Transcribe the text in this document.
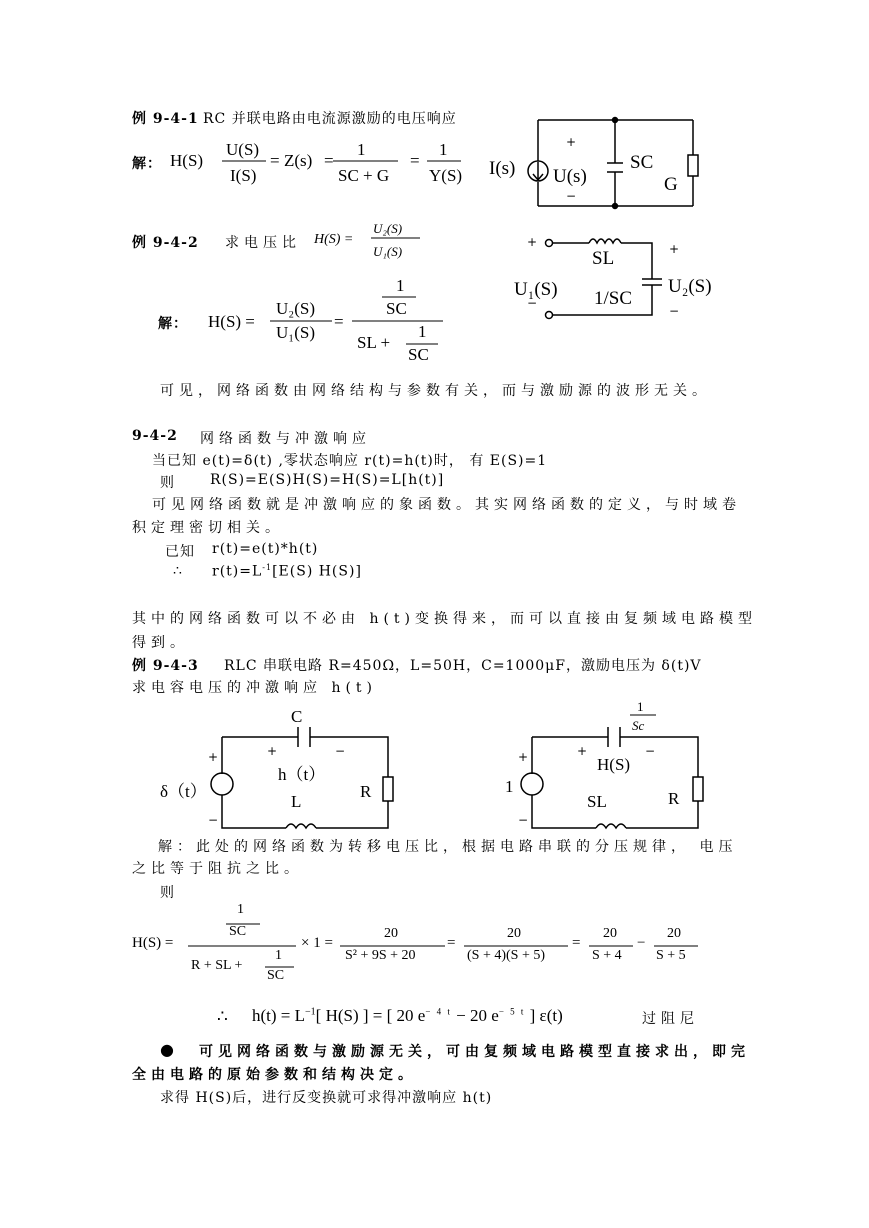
例 9-4-1 RC 并联电路由电流源激励的电压响应
解： H(S)
U(S)
I(S)
= Z(s) =
1
SC + G
=
1
Y(S) I(s) U(s)
SC
G
+
−
例 9-4-2 求电压比 H(S) =
U₂(S)
U₁(S)
解： H(S) =
U₂(S)
U₁(S)
=
1
SC
SL +
1
SC
SL
U₁(S)	U₂(S)
1/SC
+
−
+
−
可见，网络函数由网络结构与参数有关，而与激励源的波形无关。
9-4-2 网络函数与冲激响应
当已知 e(t)=δ(t) ,零状态响应 r(t)=h(t)时， 有 E(S)=1
则	R(S)=E(S)H(S)=H(S)=L[h(t)]
可见网络函数就是冲激响应的象函数。其实网络函数的定义，与时域卷
积定理密切相关。
已知 r(t)=e(t)*h(t)
∴ $r(t)=L^{-1}[E(S)$ H(S)]
其中的网络函数可以不必由 h(t)变换得来，而可以直接由复频域电路模型
得到。
例 9-4-3 RLC 串联电路 R=450Ω，L=50H，C=1000μF，激励电压为 δ(t)V
求电容电压的冲激响应 h(t)
C
h（t）
δ（t）
L
R
+
−
+	−
1
Sc
H(S)
1
SL	R
+
−
+	−
解：此处的网络函数为转移电压比，根据电路串联的分压规律， 电压
之比等于阻抗之比。
则
H(S) =
1
SC
R + SL +
1
SC
× 1 =
20
S² + 9S + 20
=
20
(S + 4)(S + 5)
=
20
S + 4
−
20
S + 5
∴ $h(t) = L^{-1}$[ H(S) ] = [ 20 $e^{- 4 t} - 20$ $e^{- 5 t}$ ] ε(t)	过阻尼
● 可见网络函数与激励源无关，可由复频域电路模型直接求出，即完
全由电路的原始参数和结构决定。
求得 H(S)后，进行反变换就可求得冲激响应 h(t)
